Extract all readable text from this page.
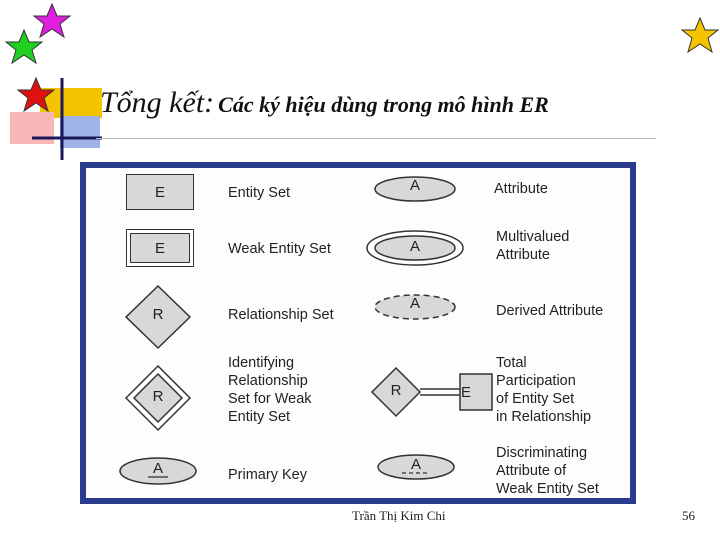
Tổng kết: Các ký hiệu dùng trong mô hình ER
E
E
R
R
A
Entity Set
Weak Entity Set
Relationship Set
Identifying
Relationship
Set for Weak
Entity Set
Primary Key
A
A
A
R	E
A
Attribute
Multivalued
Attribute
Derived Attribute
Total
Participation
of Entity Set
in Relationship
Discriminating
Attribute of
Weak Entity Set
Trần Thị Kim Chi	56
